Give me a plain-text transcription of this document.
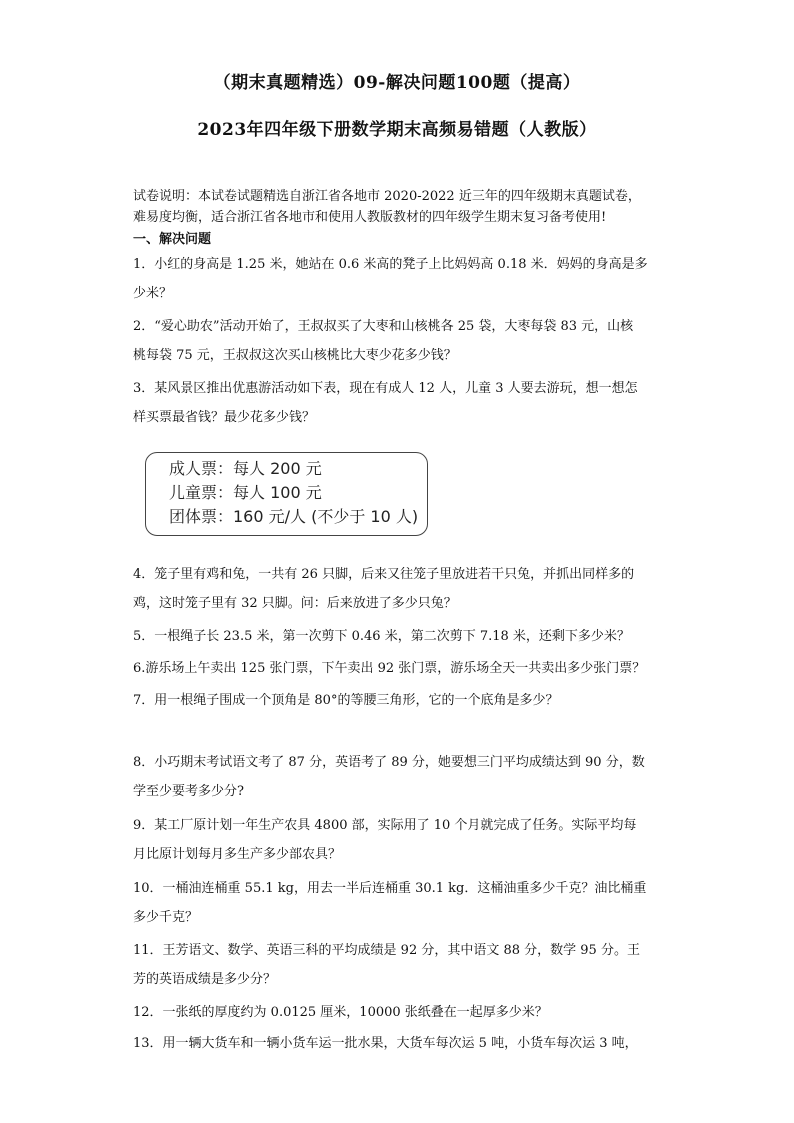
（期末真题精选）09-解决问题100题（提高）
2023年四年级下册数学期末高频易错题（人教版）
试卷说明：本试卷试题精选自浙江省各地市 2020-2022 近三年的四年级期末真题试卷，
难易度均衡，适合浙江省各地市和使用人教版教材的四年级学生期末复习备考使用!
一、解决问题
1．小红的身高是 1.25 米，她站在 0.6 米高的凳子上比妈妈高 0.18 米．妈妈的身高是多
少米？
2．“爱心助农”活动开始了，王叔叔买了大枣和山核桃各 25 袋，大枣每袋 83 元，山核
桃每袋 75 元，王叔叔这次买山核桃比大枣少花多少钱？
3．某风景区推出优惠游活动如下表，现在有成人 12 人，儿童 3 人要去游玩，想一想怎
样买票最省钱？最少花多少钱？
成人票：每人 200 元
儿童票：每人 100 元
团体票：160 元/人 (不少于 10 人)
4．笼子里有鸡和兔，一共有 26 只脚，后来又往笼子里放进若干只兔，并抓出同样多的
鸡，这时笼子里有 32 只脚。问：后来放进了多少只兔？
5．一根绳子长 23.5 米，第一次剪下 0.46 米，第二次剪下 7.18 米，还剩下多少米？
6.游乐场上午卖出 125 张门票，下午卖出 92 张门票，游乐场全天一共卖出多少张门票？
7．用一根绳子围成一个顶角是 80°的等腰三角形，它的一个底角是多少？
8．小巧期末考试语文考了 87 分，英语考了 89 分，她要想三门平均成绩达到 90 分，数
学至少要考多少分?
9．某工厂原计划一年生产农具 4800 部，实际用了 10 个月就完成了任务。实际平均每
月比原计划每月多生产多少部农具？
10．一桶油连桶重 55.1 kg，用去一半后连桶重 30.1 kg．这桶油重多少千克？油比桶重
多少千克？
11．王芳语文、数学、英语三科的平均成绩是 92 分，其中语文 88 分，数学 95 分。王
芳的英语成绩是多少分？
12．一张纸的厚度约为 0.0125 厘米，10000 张纸叠在一起厚多少米？
13．用一辆大货车和一辆小货车运一批水果，大货车每次运 5 吨，小货车每次运 3 吨，
